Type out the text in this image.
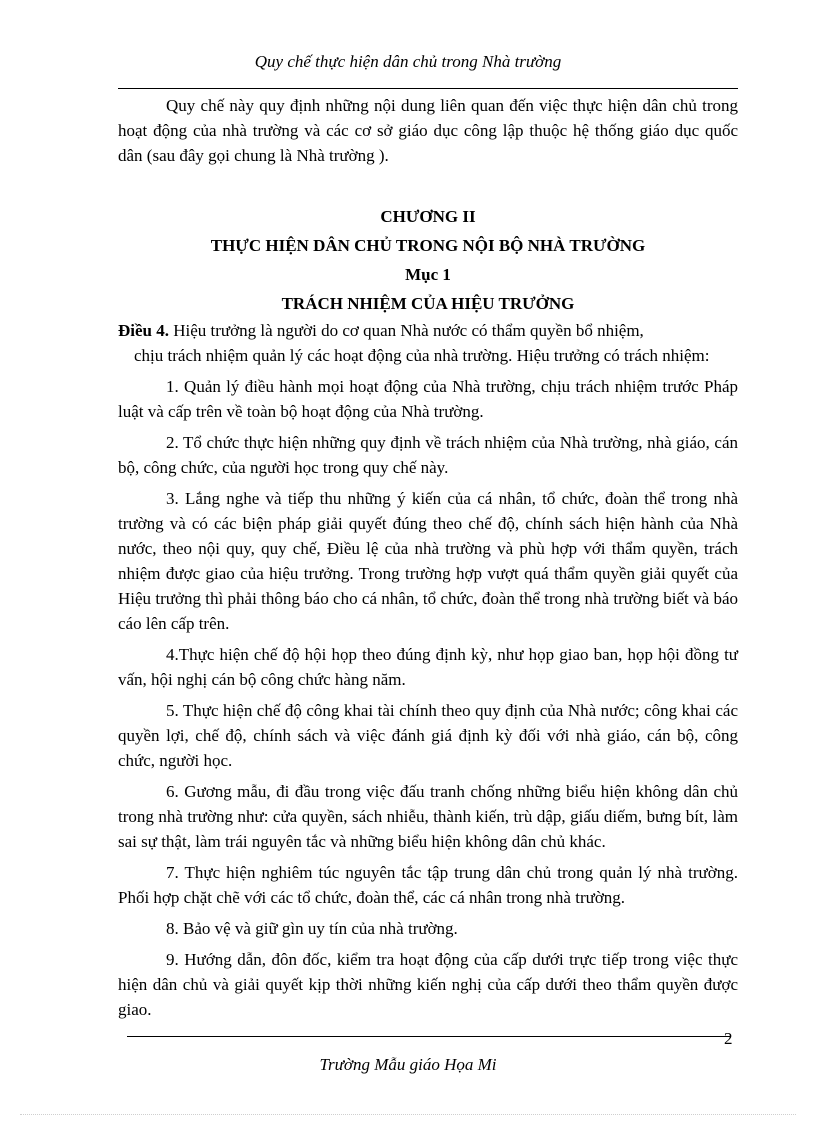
Quy chế thực hiện dân chủ trong Nhà trường

Quy chế này quy định những nội dung liên quan đến việc thực hiện dân chủ trong hoạt động của nhà trường và các cơ sở giáo dục công lập thuộc hệ thống giáo dục quốc dân (sau đây gọi chung là Nhà trường ).

CHƯƠNG II

THỰC HIỆN DÂN CHỦ TRONG NỘI BỘ NHÀ TRƯỜNG

Mục 1

TRÁCH NHIỆM CỦA HIỆU TRƯỞNG

Điều 4. Hiệu trưởng là người do cơ quan Nhà nước có thẩm quyền bổ nhiệm,

chịu trách nhiệm quản lý các hoạt động của nhà trường. Hiệu trưởng có trách nhiệm:

1. Quản lý điều hành mọi hoạt động của Nhà trường, chịu trách nhiệm trước Pháp luật và cấp trên về toàn bộ hoạt động của Nhà trường.

2. Tổ chức thực hiện những quy định về trách nhiệm của Nhà trường, nhà giáo, cán bộ, công chức, của người học trong quy chế này.

3. Lắng nghe và tiếp thu những ý kiến của cá nhân, tổ chức, đoàn thể trong nhà trường và có các biện pháp giải quyết đúng theo chế độ, chính sách hiện hành của Nhà nước, theo nội quy, quy chế, Điều lệ của nhà trường và phù hợp với thẩm quyền, trách nhiệm được giao của hiệu trưởng. Trong trường hợp vượt quá thẩm quyền giải quyết của Hiệu trưởng thì phải thông báo cho cá nhân, tổ chức, đoàn thể trong nhà trường biết và báo cáo lên cấp trên.

4.Thực hiện chế độ hội họp theo đúng định kỳ, như họp giao ban, họp hội đồng tư vấn, hội nghị cán bộ công chức hàng năm.

5. Thực hiện chế độ công khai tài chính theo quy định của Nhà nước; công khai các quyền lợi, chế độ, chính sách và việc đánh giá định kỳ đối với nhà giáo, cán bộ, công chức, người học.

6. Gương mẫu, đi đầu trong việc đấu tranh chống những biểu hiện không dân chủ trong nhà trường như: cửa quyền, sách nhiễu, thành kiến, trù dập, giấu diếm, bưng bít, làm sai sự thật, làm trái nguyên tắc và những biểu hiện không dân chủ khác.

7. Thực hiện nghiêm túc nguyên tắc tập trung dân chủ trong quản lý nhà trường. Phối hợp chặt chẽ với các tổ chức, đoàn thể, các cá nhân trong nhà trường.

8. Bảo vệ và giữ gìn uy tín của nhà trường.

9. Hướng dẫn, đôn đốc, kiểm tra hoạt động của cấp dưới trực tiếp trong việc thực hiện dân chủ và giải quyết kịp thời những kiến nghị của cấp dưới theo thẩm quyền được giao.

2
Trường Mẫu giáo Họa Mi
